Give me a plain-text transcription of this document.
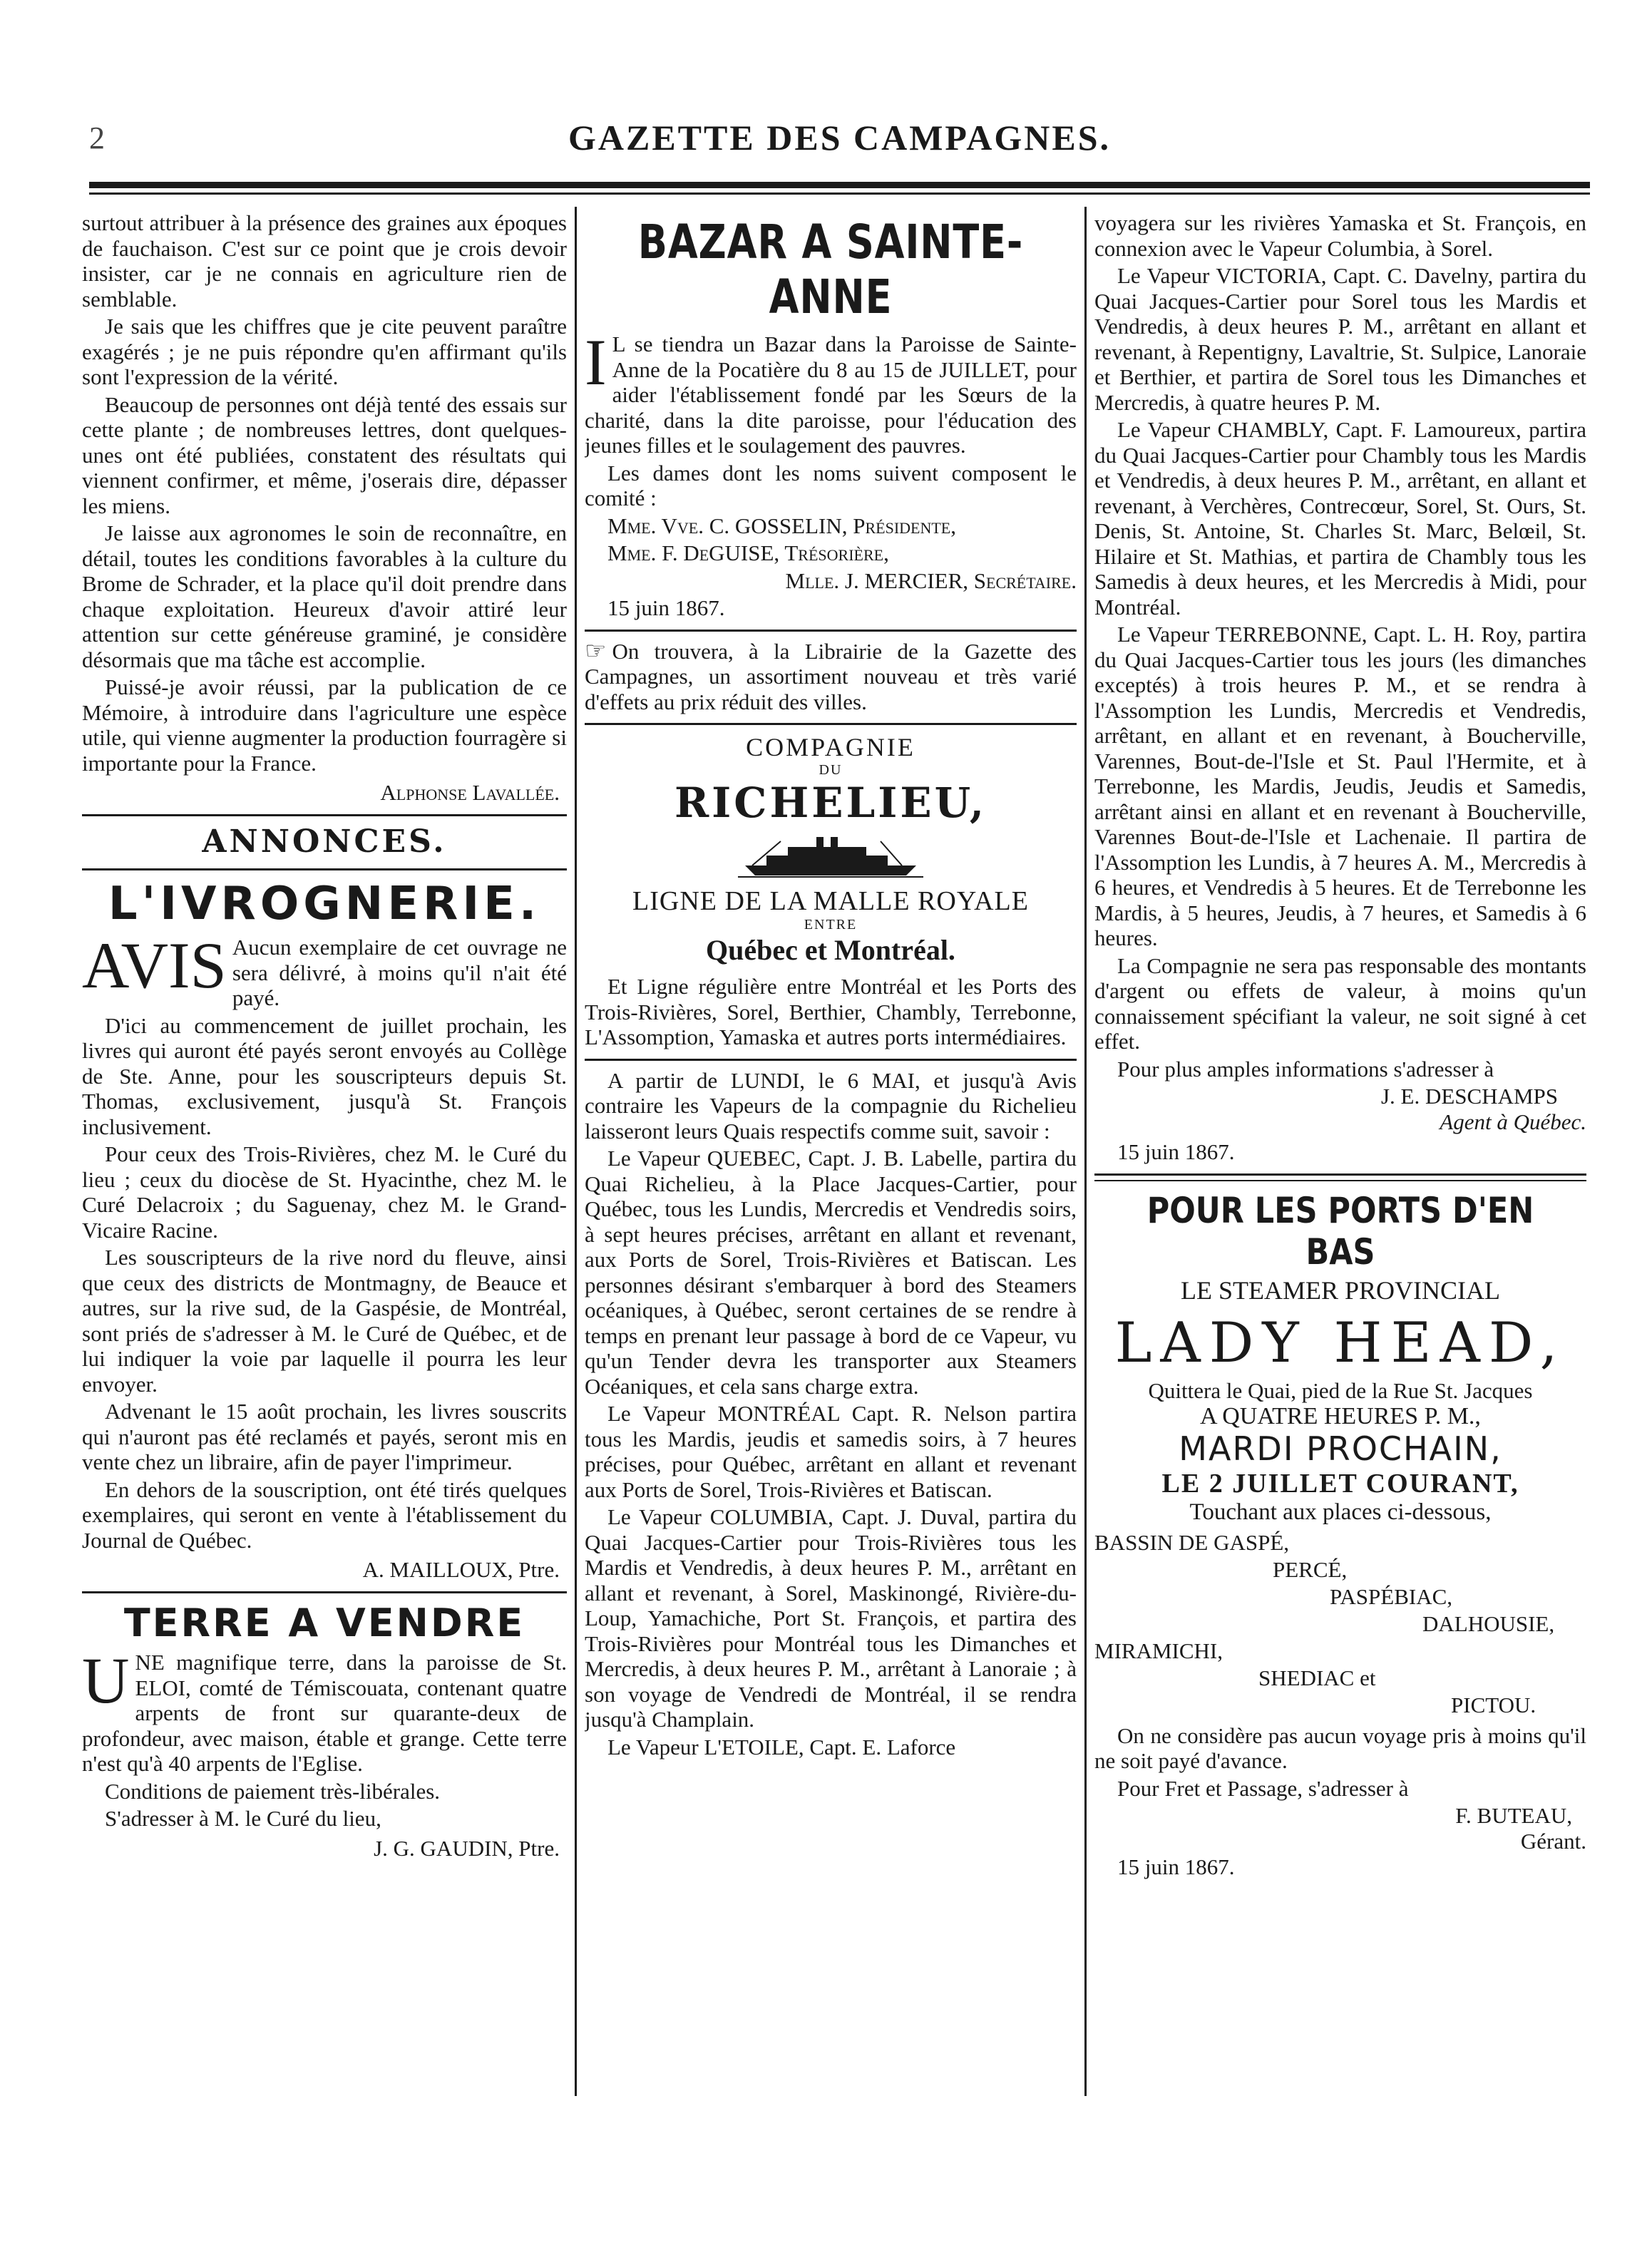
2	GAZETTE DES CAMPAGNES.

surtout attribuer à la présence des graines aux époques de fauchaison. C'est sur ce point que je crois devoir insister, car je ne connais en agriculture rien de semblable.

Je sais que les chiffres que je cite peuvent paraître exagérés ; je ne puis répondre qu'en affirmant qu'ils sont l'expression de la vérité.

Beaucoup de personnes ont déjà tenté des essais sur cette plante ; de nombreuses lettres, dont quelques-unes ont été publiées, constatent des résultats qui viennent confirmer, et même, j'oserais dire, dépasser les miens.

Je laisse aux agronomes le soin de reconnaître, en détail, toutes les conditions favorables à la culture du Brome de Schrader, et la place qu'il doit prendre dans chaque exploitation. Heureux d'avoir attiré leur attention sur cette généreuse graminé, je considère désormais que ma tâche est accomplie.

Puissé-je avoir réussi, par la publication de ce Mémoire, à introduire dans l'agriculture une espèce utile, qui vienne augmenter la production fourragère si importante pour la France.

Alphonse Lavallée.
ANNONCES.
L'IVROGNERIE.

AVIS Aucun exemplaire de cet ouvrage ne sera délivré, à moins qu'il n'ait été payé.

D'ici au commencement de juillet prochain, les livres qui auront été payés seront envoyés au Collège de Ste. Anne, pour les souscripteurs depuis St. Thomas, exclusivement, jusqu'à St. François inclusivement.

Pour ceux des Trois-Rivières, chez M. le Curé du lieu ; ceux du diocèse de St. Hyacinthe, chez M. le Curé Delacroix ; du Saguenay, chez M. le Grand-Vicaire Racine.

Les souscripteurs de la rive nord du fleuve, ainsi que ceux des districts de Montmagny, de Beauce et autres, sur la rive sud, de la Gaspésie, de Montréal, sont priés de s'adresser à M. le Curé de Québec, et de lui indiquer la voie par laquelle il pourra les leur envoyer.

Advenant le 15 août prochain, les livres souscrits qui n'auront pas été reclamés et payés, seront mis en vente chez un libraire, afin de payer l'imprimeur.

En dehors de la souscription, ont été tirés quelques exemplaires, qui seront en vente à l'établissement du Journal de Québec.

A. MAILLOUX, Ptre.
TERRE A VENDRE

U NE magnifique terre, dans la paroisse de St. ELOI, comté de Témiscouata, contenant quatre arpents de front sur quarante-deux de profondeur, avec maison, étable et grange. Cette terre n'est qu'à 40 arpents de l'Eglise.

Conditions de paiement très-libérales.

S'adresser à M. le Curé du lieu,

J. G. GAUDIN, Ptre.
BAZAR A SAINTE-ANNE

I L se tiendra un Bazar dans la Paroisse de Sainte-Anne de la Pocatière du 8 au 15 de JUILLET, pour aider l'établissement fondé par les Sœurs de la charité, dans la dite paroisse, pour l'éducation des jeunes filles et le soulagement des pauvres.

Les dames dont les noms suivent composent le comité :

Mme. Vve. C. GOSSELIN, Présidente,

Mme. F. DeGUISE, Trésorière,

Mlle. J. MERCIER, Secrétaire.

15 juin 1867.

☞ On trouvera, à la Librairie de la Gazette des Campagnes, un assortiment nouveau et très varié d'effets au prix réduit des villes.

COMPAGNIE
DU
RICHELIEU,
LIGNE DE LA MALLE ROYALE
ENTRE
Québec et Montréal.

Et Ligne régulière entre Montréal et les Ports des Trois-Rivières, Sorel, Berthier, Chambly, Terrebonne, L'Assomption, Yamaska et autres ports intermédiaires.

A partir de LUNDI, le 6 MAI, et jusqu'à Avis contraire les Vapeurs de la compagnie du Richelieu laisseront leurs Quais respectifs comme suit, savoir :

Le Vapeur QUEBEC, Capt. J. B. Labelle, partira du Quai Richelieu, à la Place Jacques-Cartier, pour Québec, tous les Lundis, Mercredis et Vendredis soirs, à sept heures précises, arrêtant en allant et revenant, aux Ports de Sorel, Trois-Rivières et Batiscan. Les personnes désirant s'embarquer à bord des Steamers océaniques, à Québec, seront certaines de se rendre à temps en prenant leur passage à bord de ce Vapeur, vu qu'un Tender devra les transporter aux Steamers Océaniques, et cela sans charge extra.

Le Vapeur MONTRÉAL Capt. R. Nelson partira tous les Mardis, jeudis et samedis soirs, à 7 heures précises, pour Québec, arrêtant en allant et revenant aux Ports de Sorel, Trois-Rivières et Batiscan.

Le Vapeur COLUMBIA, Capt. J. Duval, partira du Quai Jacques-Cartier pour Trois-Rivières tous les Mardis et Vendredis, à deux heures P. M., arrêtant en allant et revenant, à Sorel, Maskinongé, Rivière-du-Loup, Yamachiche, Port St. François, et partira des Trois-Rivières pour Montréal tous les Dimanches et Mercredis, à deux heures P. M., arrêtant à Lanoraie ; à son voyage de Vendredi de Montréal, il se rendra jusqu'à Champlain.

Le Vapeur L'ETOILE, Capt. E. Laforce

voyagera sur les rivières Yamaska et St. François, en connexion avec le Vapeur Columbia, à Sorel.

Le Vapeur VICTORIA, Capt. C. Davelny, partira du Quai Jacques-Cartier pour Sorel tous les Mardis et Vendredis, à deux heures P. M., arrêtant en allant et revenant, à Repentigny, Lavaltrie, St. Sulpice, Lanoraie et Berthier, et partira de Sorel tous les Dimanches et Mercredis, à quatre heures P. M.

Le Vapeur CHAMBLY, Capt. F. Lamoureux, partira du Quai Jacques-Cartier pour Chambly tous les Mardis et Vendredis, à deux heures P. M., arrêtant, en allant et revenant, à Verchères, Contrecœur, Sorel, St. Ours, St. Denis, St. Antoine, St. Charles St. Marc, Belœil, St. Hilaire et St. Mathias, et partira de Chambly tous les Samedis à deux heures, et les Mercredis à Midi, pour Montréal.

Le Vapeur TERREBONNE, Capt. L. H. Roy, partira du Quai Jacques-Cartier tous les jours (les dimanches exceptés) à trois heures P. M., et se rendra à l'Assomption les Lundis, Mercredis et Vendredis, arrêtant, en allant et en revenant, à Boucherville, Varennes, Bout-de-l'Isle et St. Paul l'Hermite, et à Terrebonne, les Mardis, Jeudis, Jeudis et Samedis, arrêtant ainsi en allant et en revenant à Boucherville, Varennes Bout-de-l'Isle et Lachenaie. Il partira de l'Assomption les Lundis, à 7 heures A. M., Mercredis à 6 heures, et Vendredis à 5 heures. Et de Terrebonne les Mardis, à 5 heures, Jeudis, à 7 heures, et Samedis à 6 heures.

La Compagnie ne sera pas responsable des montants d'argent ou effets de valeur, à moins qu'un connaissement spécifiant la valeur, ne soit signé à cet effet.

Pour plus amples informations s'adresser à

J. E. DESCHAMPS
Agent à Québec.

15 juin 1867.

POUR LES PORTS D'EN BAS
LE STEAMER PROVINCIAL
LADY HEAD,
Quittera le Quai, pied de la Rue St. Jacques
A QUATRE HEURES P. M.,
MARDI PROCHAIN,
LE 2 JUILLET COURANT,
Touchant aux places ci-dessous,
BASSIN DE GASPÉ,
PERCÉ,
PASPÉBIAC,
DALHOUSIE,
MIRAMICHI,
SHEDIAC et
PICTOU.

On ne considère pas aucun voyage pris à moins qu'il ne soit payé d'avance.

Pour Fret et Passage, s'adresser à

F. BUTEAU,
Gérant.

15 juin 1867.
